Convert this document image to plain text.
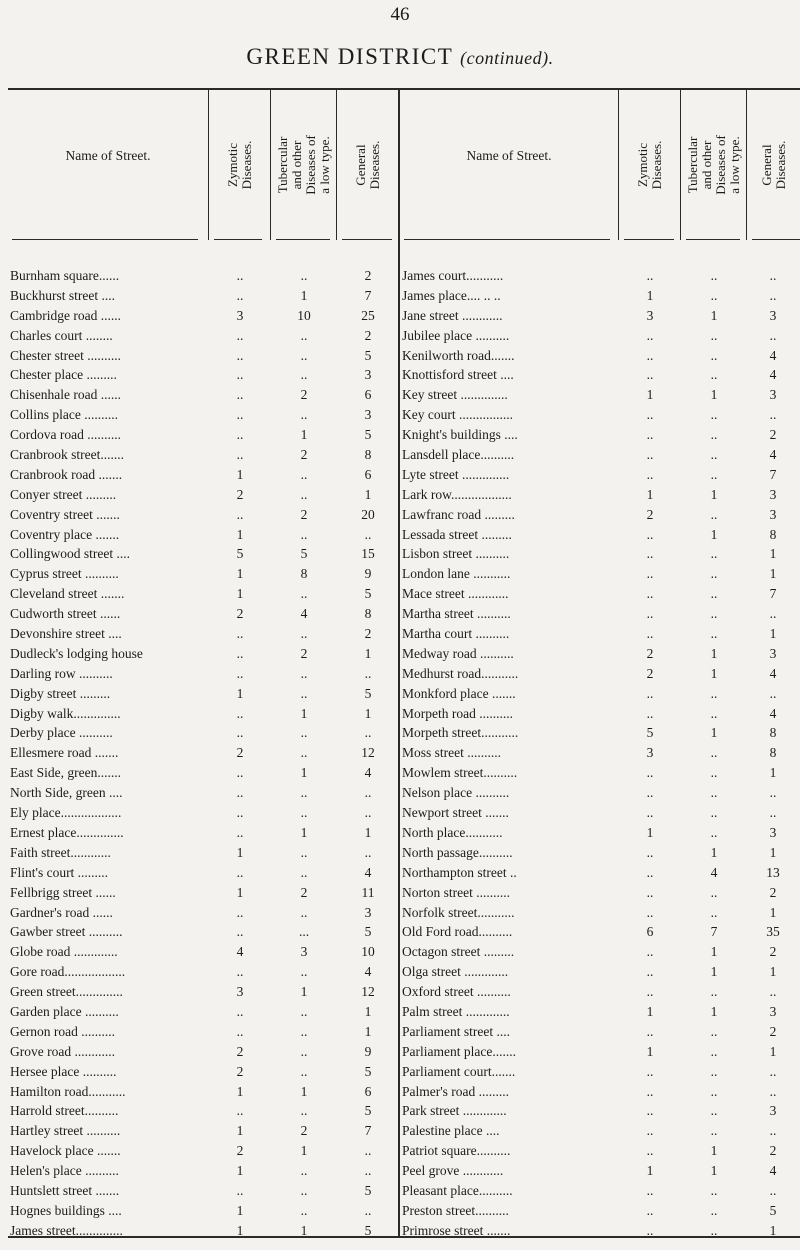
46
GREEN DISTRICT (continued).
Name of Street.	Zymotic Diseases. Tubercular and other Diseases of a low type. General Diseases.	Name of Street.	Zymotic Diseases. Tubercular and other Diseases of a low type. General Diseases.
Burnham square......	..	..	2
Buckhurst street ....	..	1	7
Cambridge road ......	3	10	25
Charles court ........	..	..	2
Chester street ..........	..	..	5
Chester place .........	..	..	3
Chisenhale road ......	..	2	6
Collins place ..........	..	..	3
Cordova road ..........	..	1	5
Cranbrook street.......	..	2	8
Cranbrook road .......	1	..	6
Conyer street .........	2	..	1
Coventry street .......	..	2	20
Coventry place .......	1	..	..
Collingwood street ....	5	5	15
Cyprus street ..........	1	8	9
Cleveland street .......	1	..	5
Cudworth street ......	2	4	8
Devonshire street ....	..	..	2
Dudleck's lodging house	..	2	1
Darling row ..........	..	..	..
Digby street .........	1	..	5
Digby walk..............	..	1	1
Derby place ..........	..	..	..
Ellesmere road .......	2	..	12
East Side, green.......	..	1	4
North Side, green ....	..	..	..
Ely place..................	..	..	..
Ernest place..............	..	1	1
Faith street............	1	..	..
Flint's court .........	..	..	4
Fellbrigg street ......	1	2	11
Gardner's road ......	..	..	3
Gawber street ..........	..	...	5
Globe road .............	4	3	10
Gore road..................	..	..	4
Green street..............	3	1	12
Garden place ..........	..	..	1
Gernon road ..........	..	..	1
Grove road ............	2	..	9
Hersee place ..........	2	..	5
Hamilton road...........	1	1	6
Harrold street..........	..	..	5
Hartley street ..........	1	2	7
Havelock place .......	2	1	..
Helen's place ..........	1	..	..
Huntslett street .......	..	..	5
Hognes buildings ....	1	..	..
James street..............	1	1	5
James court...........	..	..	..
James place.... .. ..	1	..	..
Jane street ............	3	1	3
Jubilee place ..........	..	..	..
Kenilworth road.......	..	..	4
Knottisford street ....	..	..	4
Key street ..............	1	1	3
Key court ................	..	..	..
Knight's buildings ....	..	..	2
Lansdell place..........	..	..	4
Lyte street ..............	..	..	7
Lark row..................	1	1	3
Lawfranc road .........	2	..	3
Lessada street .........	..	1	8
Lisbon street ..........	..	..	1
London lane ...........	..	..	1
Mace street ............	..	..	7
Martha street ..........	..	..	..
Martha court ..........	..	..	1
Medway road ..........	2	1	3
Medhurst road...........	2	1	4
Monkford place .......	..	..	..
Morpeth road ..........	..	..	4
Morpeth street...........	5	1	8
Moss street ..........	3	..	8
Mowlem street..........	..	..	1
Nelson place ..........	..	..	..
Newport street .......	..	..	..
North place...........	1	..	3
North passage..........	..	1	1
Northampton street ..	..	4	13
Norton street ..........	..	..	2
Norfolk street...........	..	..	1
Old Ford road..........	6	7	35
Octagon street .........	..	1	2
Olga street .............	..	1	1
Oxford street ..........	..	..	..
Palm street .............	1	1	3
Parliament street ....	..	..	2
Parliament place.......	1	..	1
Parliament court.......	..	..	..
Palmer's road .........	..	..	..
Park street .............	..	..	3
Palestine place ....	..	..	..
Patriot square..........	..	1	2
Peel grove ............	1	1	4
Pleasant place..........	..	..	..
Preston street..........	..	..	5
Primrose street .......	..	..	1
